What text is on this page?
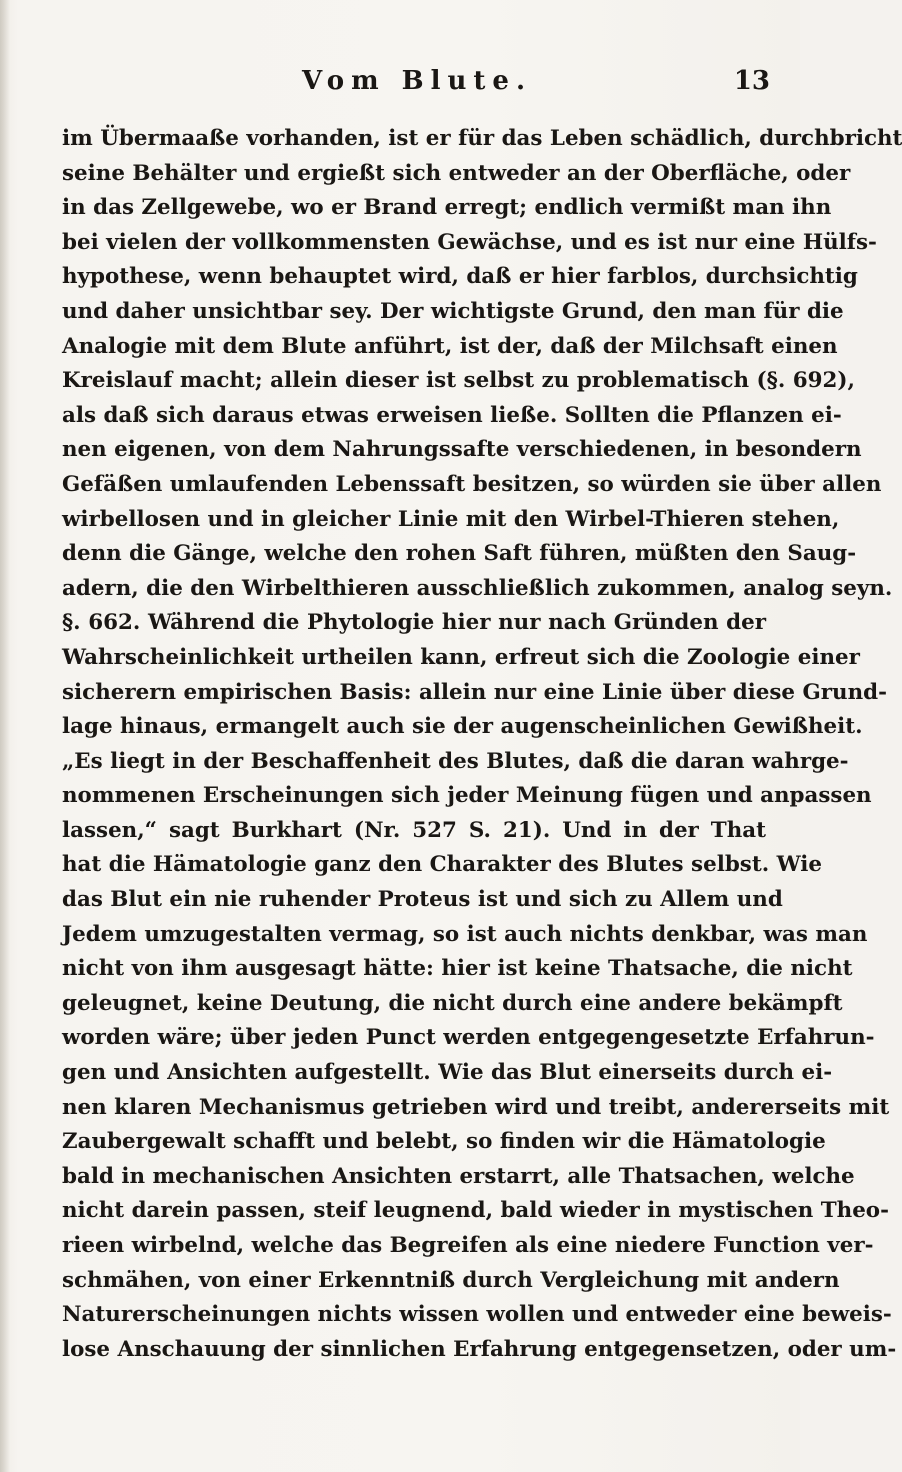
Vom Blute.	13
im Übermaaße vorhanden, ist er für das Leben schädlich, durchbricht
seine Behälter und ergießt sich entweder an der Oberfläche, oder
in das Zellgewebe, wo er Brand erregt; endlich vermißt man ihn
bei vielen der vollkommensten Gewächse, und es ist nur eine Hülfs-
hypothese, wenn behauptet wird, daß er hier farblos, durchsichtig
und daher unsichtbar sey. Der wichtigste Grund, den man für die
Analogie mit dem Blute anführt, ist der, daß der Milchsaft einen
Kreislauf macht; allein dieser ist selbst zu problematisch (§. 692),
als daß sich daraus etwas erweisen ließe. Sollten die Pflanzen ei-
nen eigenen, von dem Nahrungssafte verschiedenen, in besondern
Gefäßen umlaufenden Lebenssaft besitzen, so würden sie über allen
wirbellosen und in gleicher Linie mit den Wirbel-Thieren stehen,
denn die Gänge, welche den rohen Saft führen, müßten den Saug-
adern, die den Wirbelthieren ausschließlich zukommen, analog seyn.
§. 662. Während die Phytologie hier nur nach Gründen der
Wahrscheinlichkeit urtheilen kann, erfreut sich die Zoologie einer
sicherern empirischen Basis: allein nur eine Linie über diese Grund-
lage hinaus, ermangelt auch sie der augenscheinlichen Gewißheit.
„Es liegt in der Beschaffenheit des Blutes, daß die daran wahrge-
nommenen Erscheinungen sich jeder Meinung fügen und anpassen
lassen,“ sagt Burkhart (Nr. 527 S. 21). Und in der That
hat die Hämatologie ganz den Charakter des Blutes selbst. Wie
das Blut ein nie ruhender Proteus ist und sich zu Allem und
Jedem umzugestalten vermag, so ist auch nichts denkbar, was man
nicht von ihm ausgesagt hätte: hier ist keine Thatsache, die nicht
geleugnet, keine Deutung, die nicht durch eine andere bekämpft
worden wäre; über jeden Punct werden entgegengesetzte Erfahrun-
gen und Ansichten aufgestellt. Wie das Blut einerseits durch ei-
nen klaren Mechanismus getrieben wird und treibt, andererseits mit
Zaubergewalt schafft und belebt, so finden wir die Hämatologie
bald in mechanischen Ansichten erstarrt, alle Thatsachen, welche
nicht darein passen, steif leugnend, bald wieder in mystischen Theo-
rieen wirbelnd, welche das Begreifen als eine niedere Function ver-
schmähen, von einer Erkenntniß durch Vergleichung mit andern
Naturerscheinungen nichts wissen wollen und entweder eine beweis-
lose Anschauung der sinnlichen Erfahrung entgegensetzen, oder um-
